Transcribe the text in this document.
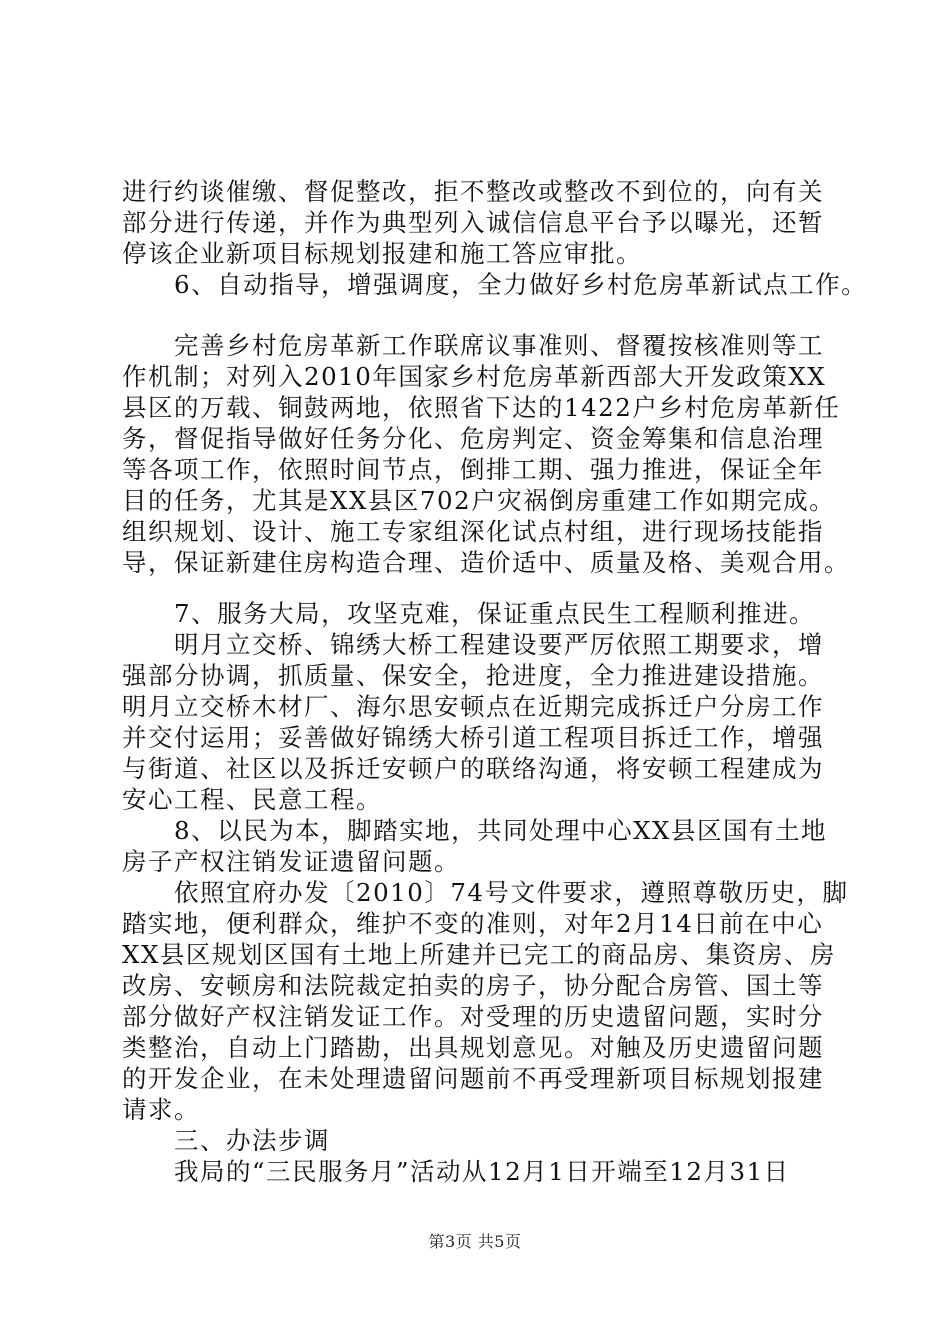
进行约谈催缴、督促整改，拒不整改或整改不到位的，向有关
部分进行传递，并作为典型列入诚信信息平台予以曝光，还暂
停该企业新项目标规划报建和施工答应审批。
　　6、自动指导，增强调度，全力做好乡村危房革新试点工作。
　　完善乡村危房革新工作联席议事准则、督覆按核准则等工
作机制；对列入2010年国家乡村危房革新西部大开发政策XX
县区的万载、铜鼓两地，依照省下达的1422户乡村危房革新任
务，督促指导做好任务分化、危房判定、资金筹集和信息治理
等各项工作，依照时间节点，倒排工期、强力推进，保证全年
目的任务，尤其是XX县区702户灾祸倒房重建工作如期完成。
组织规划、设计、施工专家组深化试点村组，进行现场技能指
导，保证新建住房构造合理、造价适中、质量及格、美观合用。
　　7、服务大局，攻坚克难，保证重点民生工程顺利推进。
　　明月立交桥、锦绣大桥工程建设要严厉依照工期要求，增
强部分协调，抓质量、保安全，抢进度，全力推进建设措施。
明月立交桥木材厂、海尔思安顿点在近期完成拆迁户分房工作
并交付运用；妥善做好锦绣大桥引道工程项目拆迁工作，增强
与街道、社区以及拆迁安顿户的联络沟通，将安顿工程建成为
安心工程、民意工程。
　　8、以民为本，脚踏实地，共同处理中心XX县区国有土地
房子产权注销发证遗留问题。
　　依照宜府办发〔2010〕74号文件要求，遵照尊敬历史，脚
踏实地，便利群众，维护不变的准则，对年2月14日前在中心
XX县区规划区国有土地上所建并已完工的商品房、集资房、房
改房、安顿房和法院裁定拍卖的房子，协分配合房管、国土等
部分做好产权注销发证工作。对受理的历史遗留问题，实时分
类整治，自动上门踏勘，出具规划意见。对触及历史遗留问题
的开发企业，在未处理遗留问题前不再受理新项目标规划报建
请求。
　　三、办法步调
　　我局的“三民服务月”活动从12月1日开端至12月31日
第3页 共5页
